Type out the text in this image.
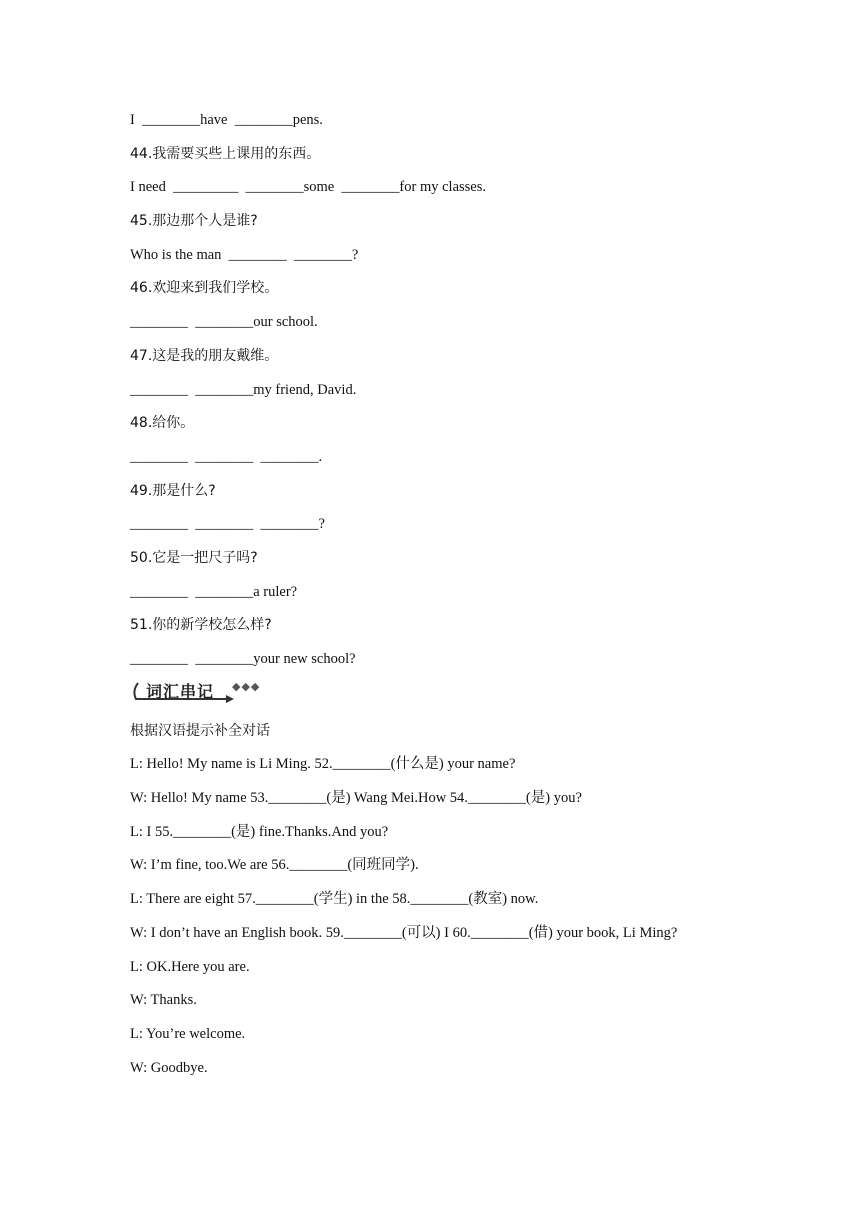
I  ________have  ________pens.
44.我需要买些上课用的东西。
I need  _________  ________some  ________for my classes.
45.那边那个人是谁?
Who is the man  ________  ________?
46.欢迎来到我们学校。
________  ________our school.
47.这是我的朋友戴维。
________  ________my friend, David.
48.给你。
________  ________  ________.
49.那是什么?
________  ________  ________?
50.它是一把尺子吗?
________  ________a ruler?
51.你的新学校怎么样?
________  ________your new school?
词汇串记 ◆◆◆
根据汉语提示补全对话
L: Hello! My name is Li Ming. 52.________(什么是) your name?
W: Hello! My name 53.________(是) Wang Mei.How 54.________(是) you?
L: I 55.________(是) fine.Thanks.And you?
W: I’m fine, too.We are 56.________(同班同学).
L: There are eight 57.________(学生) in the 58.________(教室) now.
W: I don’t have an English book. 59.________(可以) I 60.________(借) your book, Li Ming?
L: OK.Here you are.
W: Thanks.
L: You’re welcome.
W: Goodbye.
